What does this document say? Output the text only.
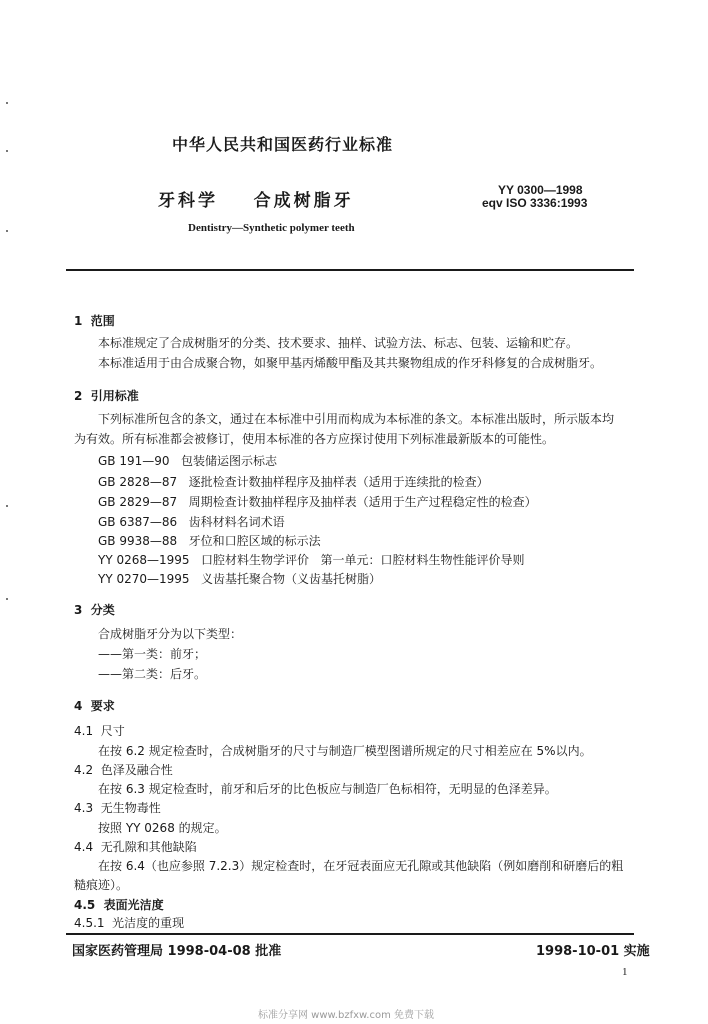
中华人民共和国医药行业标准
牙科学    合成树脂牙
YY 0300—1998
eqv ISO 3336:1993
Dentistry—Synthetic polymer teeth
1  范围
本标准规定了合成树脂牙的分类、技术要求、抽样、试验方法、标志、包装、运输和贮存。
本标准适用于由合成聚合物，如聚甲基丙烯酸甲酯及其共聚物组成的作牙科修复的合成树脂牙。
2  引用标准
下列标准所包含的条文，通过在本标准中引用而构成为本标准的条文。本标准出版时，所示版本均
为有效。所有标准都会被修订，使用本标准的各方应探讨使用下列标准最新版本的可能性。
GB 191—90   包装储运图示标志
GB 2828—87   逐批检查计数抽样程序及抽样表（适用于连续批的检查）
GB 2829—87   周期检查计数抽样程序及抽样表（适用于生产过程稳定性的检查）
GB 6387—86   齿科材料名词术语
GB 9938—88   牙位和口腔区域的标示法
YY 0268—1995   口腔材料生物学评价   第一单元：口腔材料生物性能评价导则
YY 0270—1995   义齿基托聚合物（义齿基托树脂）
3  分类
合成树脂牙分为以下类型：
——第一类：前牙；
——第二类：后牙。
4  要求
4.1  尺寸
在按 6.2 规定检查时，合成树脂牙的尺寸与制造厂模型图谱所规定的尺寸相差应在 5%以内。
4.2  色泽及融合性
在按 6.3 规定检查时，前牙和后牙的比色板应与制造厂色标相符，无明显的色泽差异。
4.3  无生物毒性
按照 YY 0268 的规定。
4.4  无孔隙和其他缺陷
在按 6.4（也应参照 7.2.3）规定检查时，在牙冠表面应无孔隙或其他缺陷（例如磨削和研磨后的粗
糙痕迹）。
4.5  表面光洁度
4.5.1  光洁度的重现
国家医药管理局 1998-04-08 批准	1998-10-01 实施
1
标准分享网 www.bzfxw.com 免费下载
